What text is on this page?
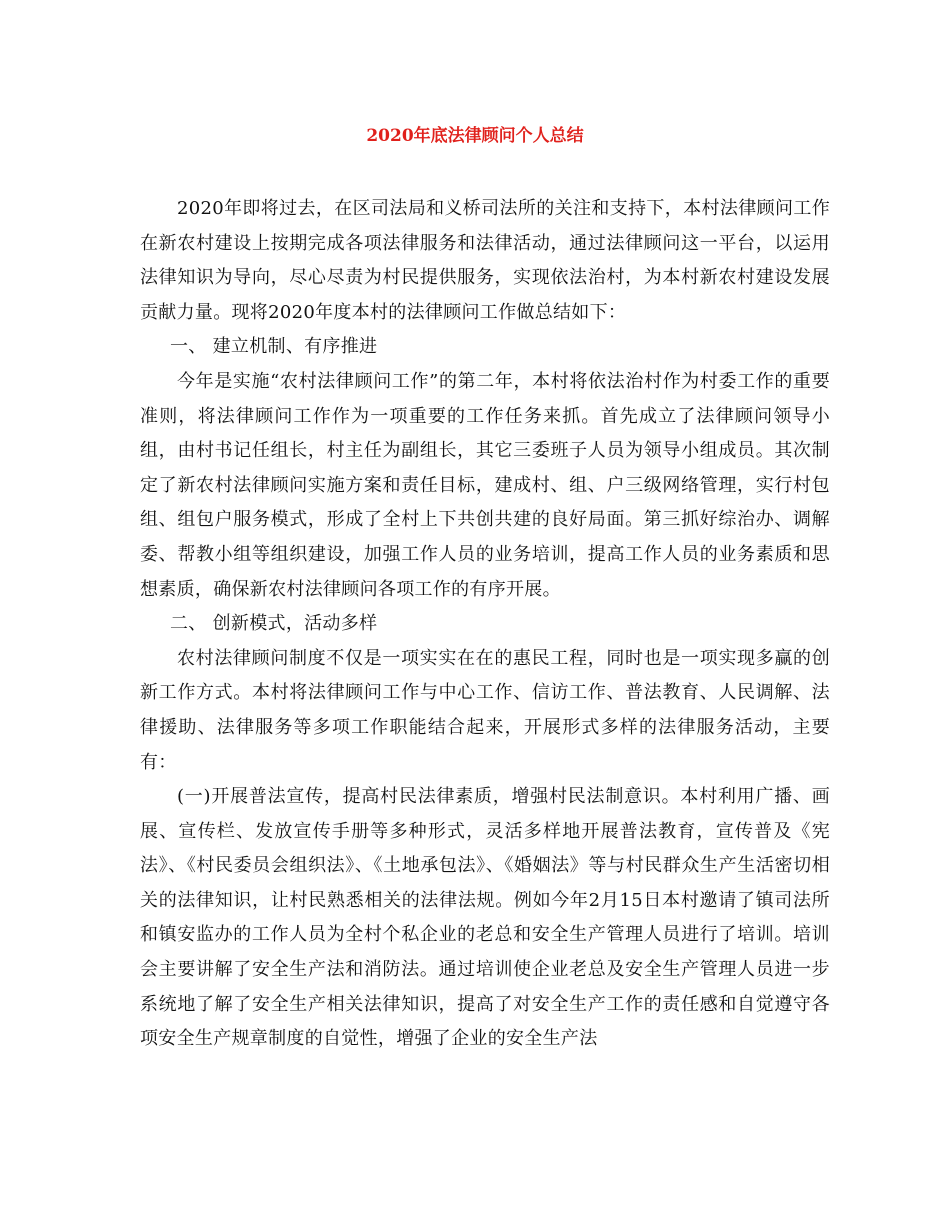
2020年底法律顾问个人总结

2020年即将过去，在区司法局和义桥司法所的关注和支持下，本村法律顾问工作在新农村建设上按期完成各项法律服务和法律活动，通过法律顾问这一平台，以运用法律知识为导向，尽心尽责为村民提供服务，实现依法治村，为本村新农村建设发展贡献力量。现将2020年度本村的法律顾问工作做总结如下：

一、 建立机制、有序推进

今年是实施“农村法律顾问工作”的第二年，本村将依法治村作为村委工作的重要准则，将法律顾问工作作为一项重要的工作任务来抓。首先成立了法律顾问领导小组，由村书记任组长，村主任为副组长，其它三委班子人员为领导小组成员。其次制定了新农村法律顾问实施方案和责任目标，建成村、组、户三级网络管理，实行村包组、组包户服务模式，形成了全村上下共创共建的良好局面。第三抓好综治办、调解委、帮教小组等组织建设，加强工作人员的业务培训，提高工作人员的业务素质和思想素质，确保新农村法律顾问各项工作的有序开展。

二、 创新模式，活动多样

农村法律顾问制度不仅是一项实实在在的惠民工程，同时也是一项实现多赢的创新工作方式。本村将法律顾问工作与中心工作、信访工作、普法教育、人民调解、法律援助、法律服务等多项工作职能结合起来，开展形式多样的法律服务活动，主要有：

(一)开展普法宣传，提高村民法律素质，增强村民法制意识。本村利用广播、画展、宣传栏、发放宣传手册等多种形式，灵活多样地开展普法教育，宣传普及《宪法》、《村民委员会组织法》、《土地承包法》、《婚姻法》等与村民群众生产生活密切相关的法律知识，让村民熟悉相关的法律法规。例如今年2月15日本村邀请了镇司法所和镇安监办的工作人员为全村个私企业的老总和安全生产管理人员进行了培训。培训会主要讲解了安全生产法和消防法。通过培训使企业老总及安全生产管理人员进一步系统地了解了安全生产相关法律知识，提高了对安全生产工作的责任感和自觉遵守各项安全生产规章制度的自觉性，增强了企业的安全生产法
